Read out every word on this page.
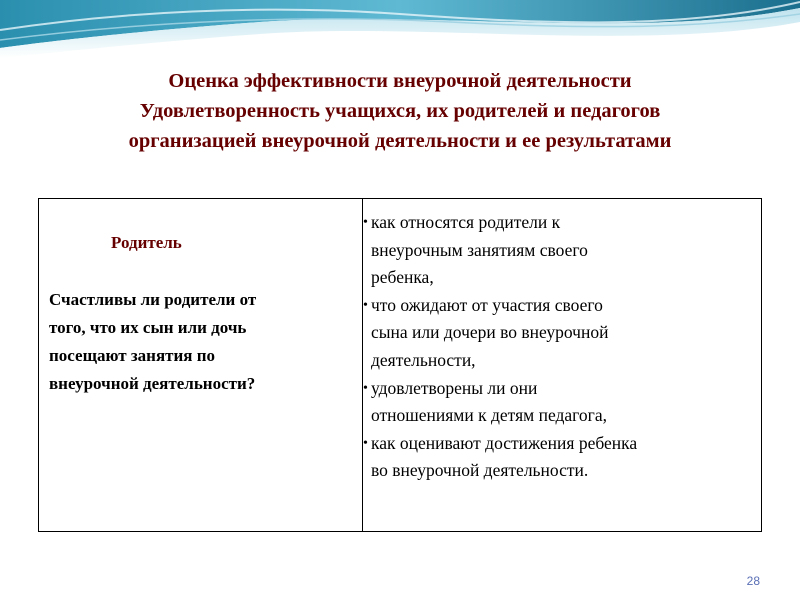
Оценка эффективности внеурочной деятельности
Удовлетворенность учащихся, их родителей и педагогов
организацией внеурочной деятельности и ее результатами
Родитель
Счастливы ли родители от
того, что их сын или дочь
посещают занятия по
внеурочной деятельности?
• как относятся родители к
внеурочным занятиям своего
ребенка,
• что ожидают от участия своего
сына или дочери во внеурочной
деятельности,
• удовлетворены ли они
отношениями к детям педагога,
• как оценивают достижения ребенка
во внеурочной деятельности.
28
